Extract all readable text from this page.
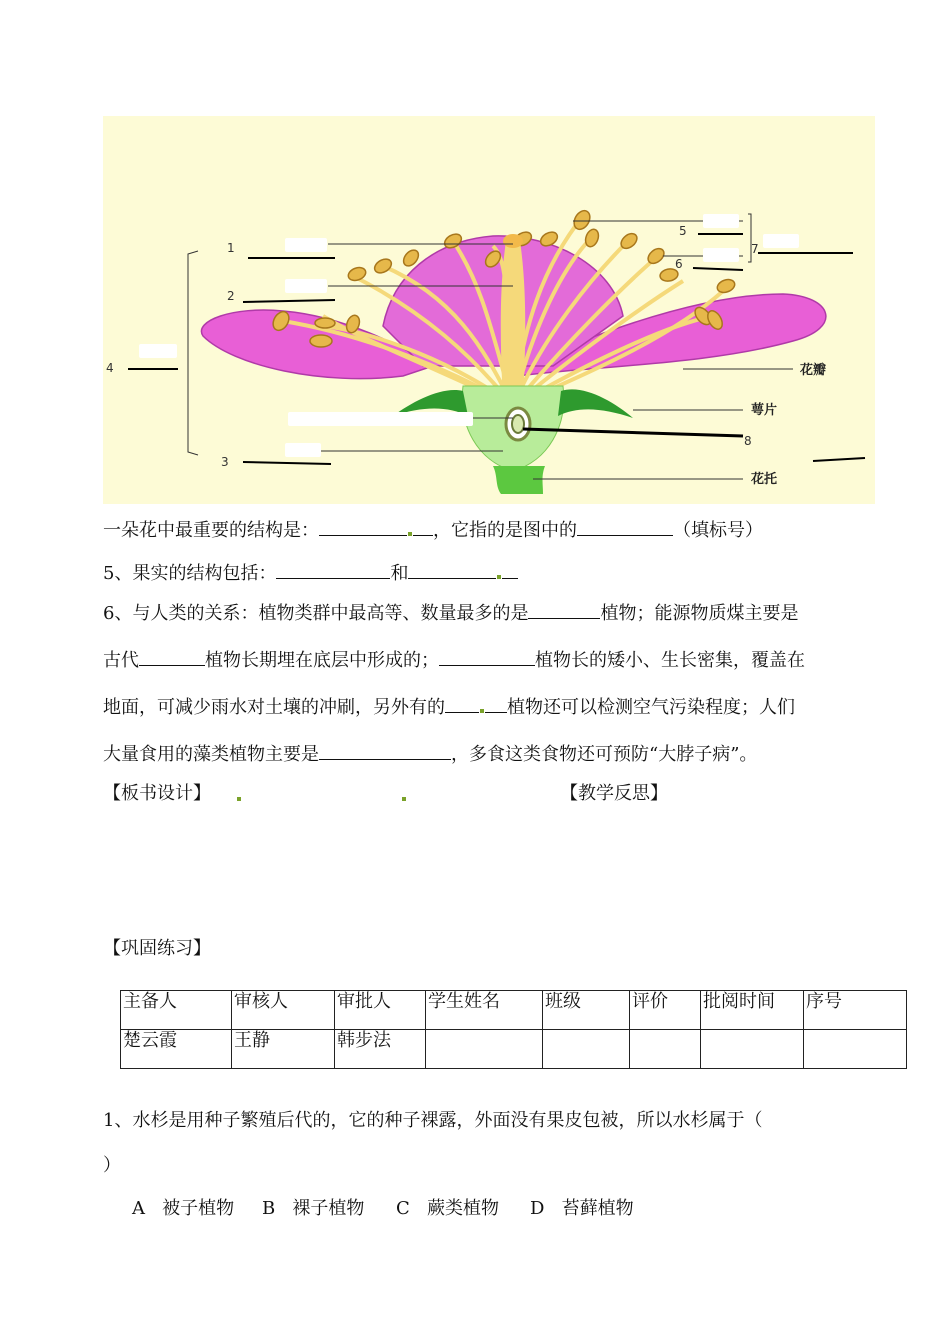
1
2
3
4
5
6
7
8
花瓣
萼片
花托
一朵花中最重要的结构是：	，它指的是图中的	（填标号）
5、果实的结构包括：	和
6、与人类的关系：植物类群中最高等、数量最多的是	植物；能源物质煤主要是
古代	植物长期埋在底层中形成的；	植物长的矮小、生长密集，覆盖在
地面，可减少雨水对土壤的冲刷，另外有的	植物还可以检测空气污染程度；人们
大量食用的藻类植物主要是	，多食这类食物还可预防“大脖子病”。
【板书设计】	【教学反思】
【巩固练习】
主备人	审核人	审批人	学生姓名	班级	评价	批阅时间	序号
楚云霞	王静	韩步法					
1、水杉是用种子繁殖后代的，它的种子裸露，外面没有果皮包被，所以水杉属于（
）
A 被子植物 B 裸子植物 C 蕨类植物 D 苔藓植物
